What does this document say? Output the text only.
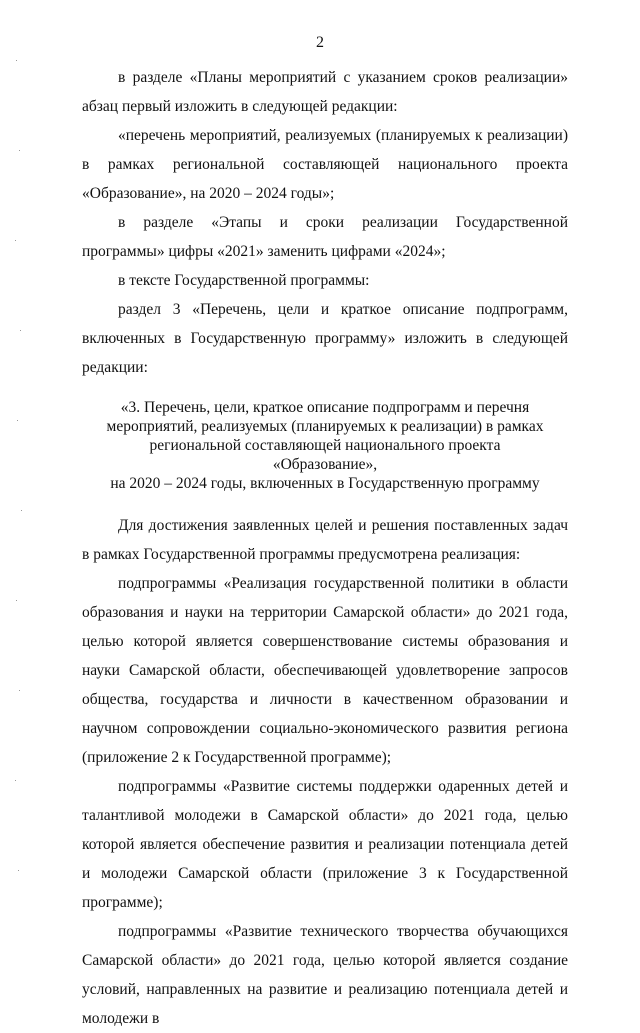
2

в разделе «Планы мероприятий с указанием сроков реализации» абзац первый изложить в следующей редакции:

«перечень мероприятий, реализуемых (планируемых к реализации) в рамках региональной составляющей национального проекта «Образование», на 2020 – 2024 годы»;

в разделе «Этапы и сроки реализации Государственной программы» цифры «2021» заменить цифрами «2024»;

в тексте Государственной программы:

раздел 3 «Перечень, цели и краткое описание подпрограмм, включенных в Государственную программу» изложить в следующей редакции:

«3. Перечень, цели, краткое описание подпрограмм и перечня
мероприятий, реализуемых (планируемых к реализации) в рамках
региональной составляющей национального проекта «Образование»,
на 2020 – 2024 годы, включенных в Государственную программу

Для достижения заявленных целей и решения поставленных задач в рамках Государственной программы предусмотрена реализация:

подпрограммы «Реализация государственной политики в области образования и науки на территории Самарской области» до 2021 года, целью которой является совершенствование системы образования и науки Самарской области, обеспечивающей удовлетворение запросов общества, государства и личности в качественном образовании и научном сопровождении социально-экономического развития региона (приложение 2 к Государственной программе);

подпрограммы «Развитие системы поддержки одаренных детей и талантливой молодежи в Самарской области» до 2021 года, целью которой является обеспечение развития и реализации потенциала детей и молодежи Самарской области (приложение 3 к Государственной программе);

подпрограммы «Развитие технического творчества обучающихся Самарской области» до 2021 года, целью которой является создание условий, направленных на развитие и реализацию потенциала детей и молодежи в
